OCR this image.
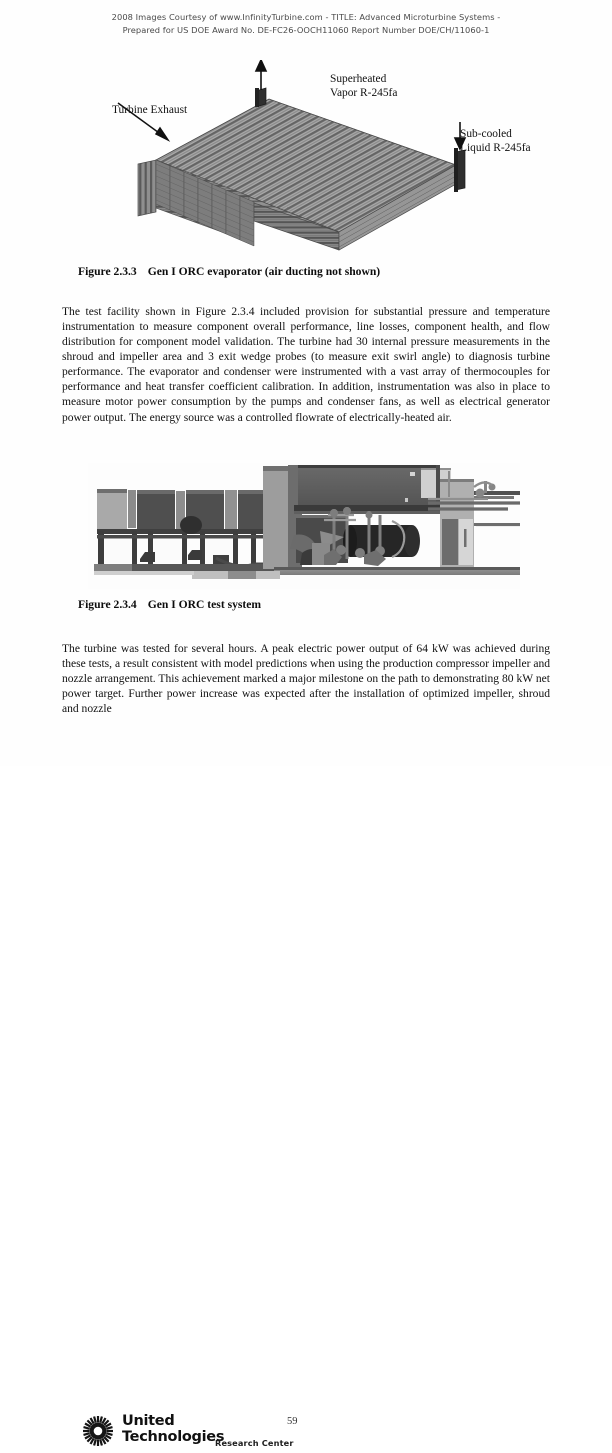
2008 Images Courtesy of www.InfinityTurbine.com - TITLE: Advanced Microturbine Systems -
Prepared for US DOE Award No. DE-FC26-OOCH11060 Report Number DOE/CH/11060-1
Turbine Exhaust
Superheated
Vapor R-245fa
Sub-cooled
Liquid R-245fa
Figure 2.3.3 Gen I ORC evaporator (air ducting not shown)

The test facility shown in Figure 2.3.4 included provision for substantial pressure and temperature instrumentation to measure component overall performance, line losses, component health, and flow distribution for component model validation. The turbine had 30 internal pressure measurements in the shroud and impeller area and 3 exit wedge probes (to measure exit swirl angle) to diagnosis turbine performance. The evaporator and condenser were instrumented with a vast array of thermocouples for performance and heat transfer coefficient calibration. In addition, instrumentation was also in place to measure motor power consumption by the pumps and condenser fans, as well as electrical generator power output. The energy source was a controlled flowrate of electrically-heated air.

Figure 2.3.4 Gen I ORC test system

The turbine was tested for several hours. A peak electric power output of 64 kW was achieved during these tests, a result consistent with model predictions when using the production compressor impeller and nozzle arrangement. This achievement marked a major milestone on the path to demonstrating 80 kW net power target. Further power increase was expected after the installation of optimized impeller, shroud and nozzle

United
Technologies
Research Center
59
